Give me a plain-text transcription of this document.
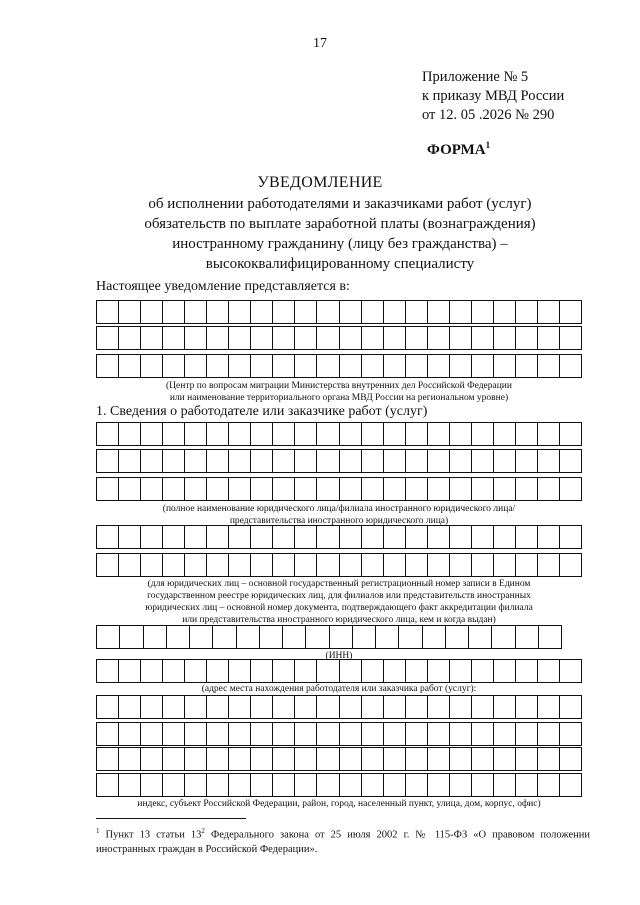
17
Приложение № 5
к приказу МВД России
от 12. 05 .2026 № 290
ФОРМА$^1$
УВЕДОМЛЕНИЕ
об исполнении работодателями и заказчиками работ (услуг)
обязательств по выплате заработной платы (вознаграждения)
иностранному гражданину (лицу без гражданства) –
высококвалифицированному специалисту
Настоящее уведомление представляется в:
(Центр по вопросам миграции Министерства внутренних дел Российской Федерации
или наименование территориального органа МВД России на региональном уровне)
1. Сведения о работодателе или заказчике работ (услуг)
(полное наименование юридического лица/филиала иностранного юридического лица/
представительства иностранного юридического лица)
(для юридических лиц – основной государственный регистрационный номер записи в Едином
государственном реестре юридических лиц, для филиалов или представительств иностранных
юридических лиц – основной номер документа, подтверждающего факт аккредитации филиала
или представительства иностранного юридического лица, кем и когда выдан)
(ИНН)
(адрес места нахождения работодателя или заказчика работ (услуг):
индекс, субъект Российской Федерации, район, город, населенный пункт, улица, дом, корпус, офис)
$^1$ Пункт 13 статьи $13^2$ Федерального закона от 25 июля 2002 г. № 115-ФЗ «О правовом положении иностранных граждан в Российской Федерации».
